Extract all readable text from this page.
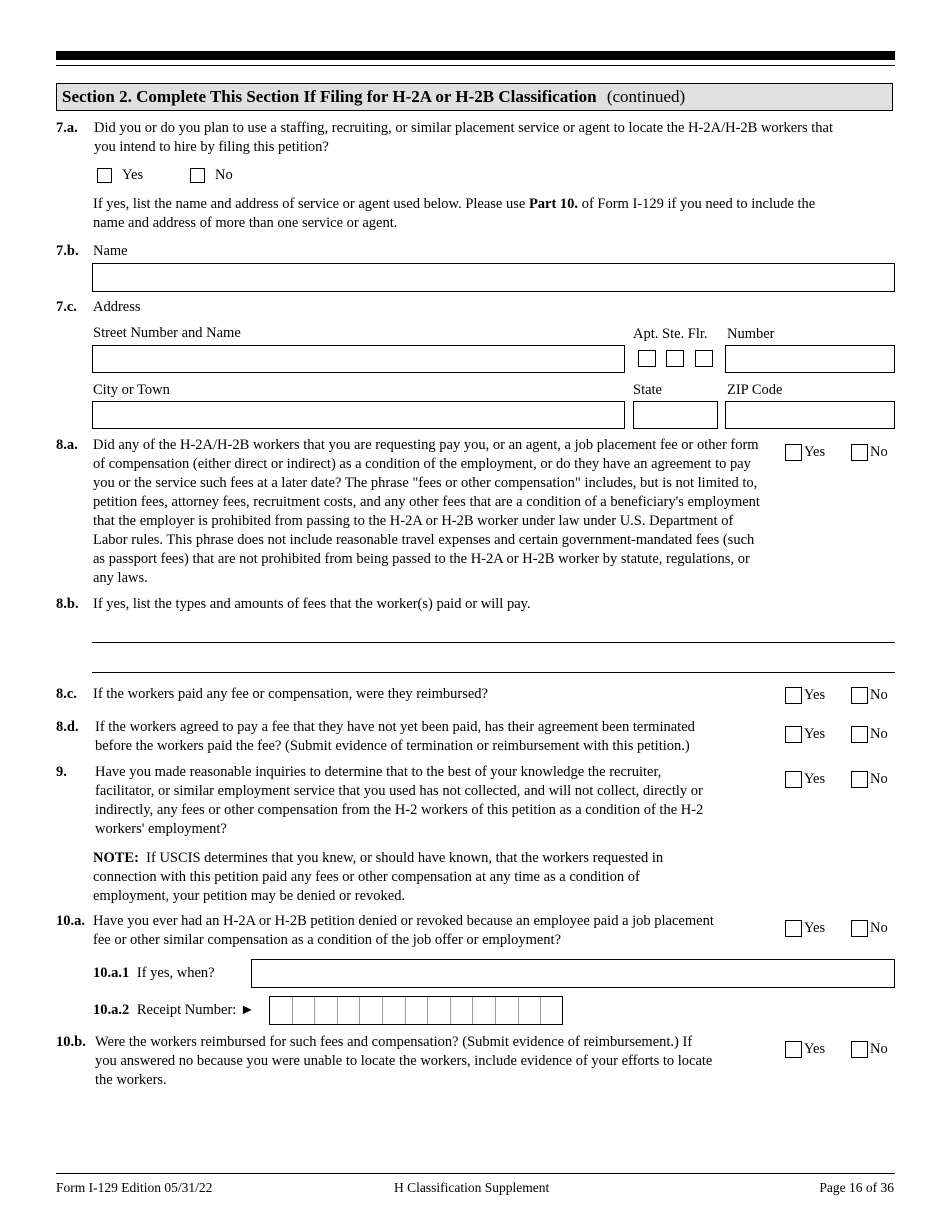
Section 2. Complete This Section If Filing for H-2A or H-2B Classification (continued)
7.a. Did you or do you plan to use a staffing, recruiting, or similar placement service or agent to locate the H-2A/H-2B workers that
you intend to hire by filing this petition?
Yes	No
If yes, list the name and address of service or agent used below. Please use Part 10. of Form I-129 if you need to include the
name and address of more than one service or agent.
7.b. Name
7.c. Address
Street Number and Name	Apt. Ste. Flr. Number
City or Town	State	ZIP Code
8.a. Did any of the H-2A/H-2B workers that you are requesting pay you, or an agent, a job placement fee or other form
of compensation (either direct or indirect) as a condition of the employment, or do they have an agreement to pay
you or the service such fees at a later date? The phrase "fees or other compensation" includes, but is not limited to,
petition fees, attorney fees, recruitment costs, and any other fees that are a condition of a beneficiary's employment
that the employer is prohibited from passing to the H-2A or H-2B worker under law under U.S. Department of
Labor rules. This phrase does not include reasonable travel expenses and certain government-mandated fees (such
as passport fees) that are not prohibited from being passed to the H-2A or H-2B worker by statute, regulations, or
any laws.
Yes	No
8.b. If yes, list the types and amounts of fees that the worker(s) paid or will pay.
8.c. If the workers paid any fee or compensation, were they reimbursed?	Yes	No
8.d. If the workers agreed to pay a fee that they have not yet been paid, has their agreement been terminated
before the workers paid the fee? (Submit evidence of termination or reimbursement with this petition.)
Yes	No
9. Have you made reasonable inquiries to determine that to the best of your knowledge the recruiter,
facilitator, or similar employment service that you used has not collected, and will not collect, directly or
indirectly, any fees or other compensation from the H-2 workers of this petition as a condition of the H-2
workers' employment?
Yes	No
NOTE:  If USCIS determines that you knew, or should have known, that the workers requested in
connection with this petition paid any fees or other compensation at any time as a condition of
employment, your petition may be denied or revoked.
10.a. Have you ever had an H-2A or H-2B petition denied or revoked because an employee paid a job placement
fee or other similar compensation as a condition of the job offer or employment?
Yes	No
10.a.1 If yes, when?
10.a.2 Receipt Number: ►
10.b. Were the workers reimbursed for such fees and compensation? (Submit evidence of reimbursement.) If
you answered no because you were unable to locate the workers, include evidence of your efforts to locate
the workers.
Yes	No
Form I-129 Edition 05/31/22	H Classification Supplement	Page 16 of 36
